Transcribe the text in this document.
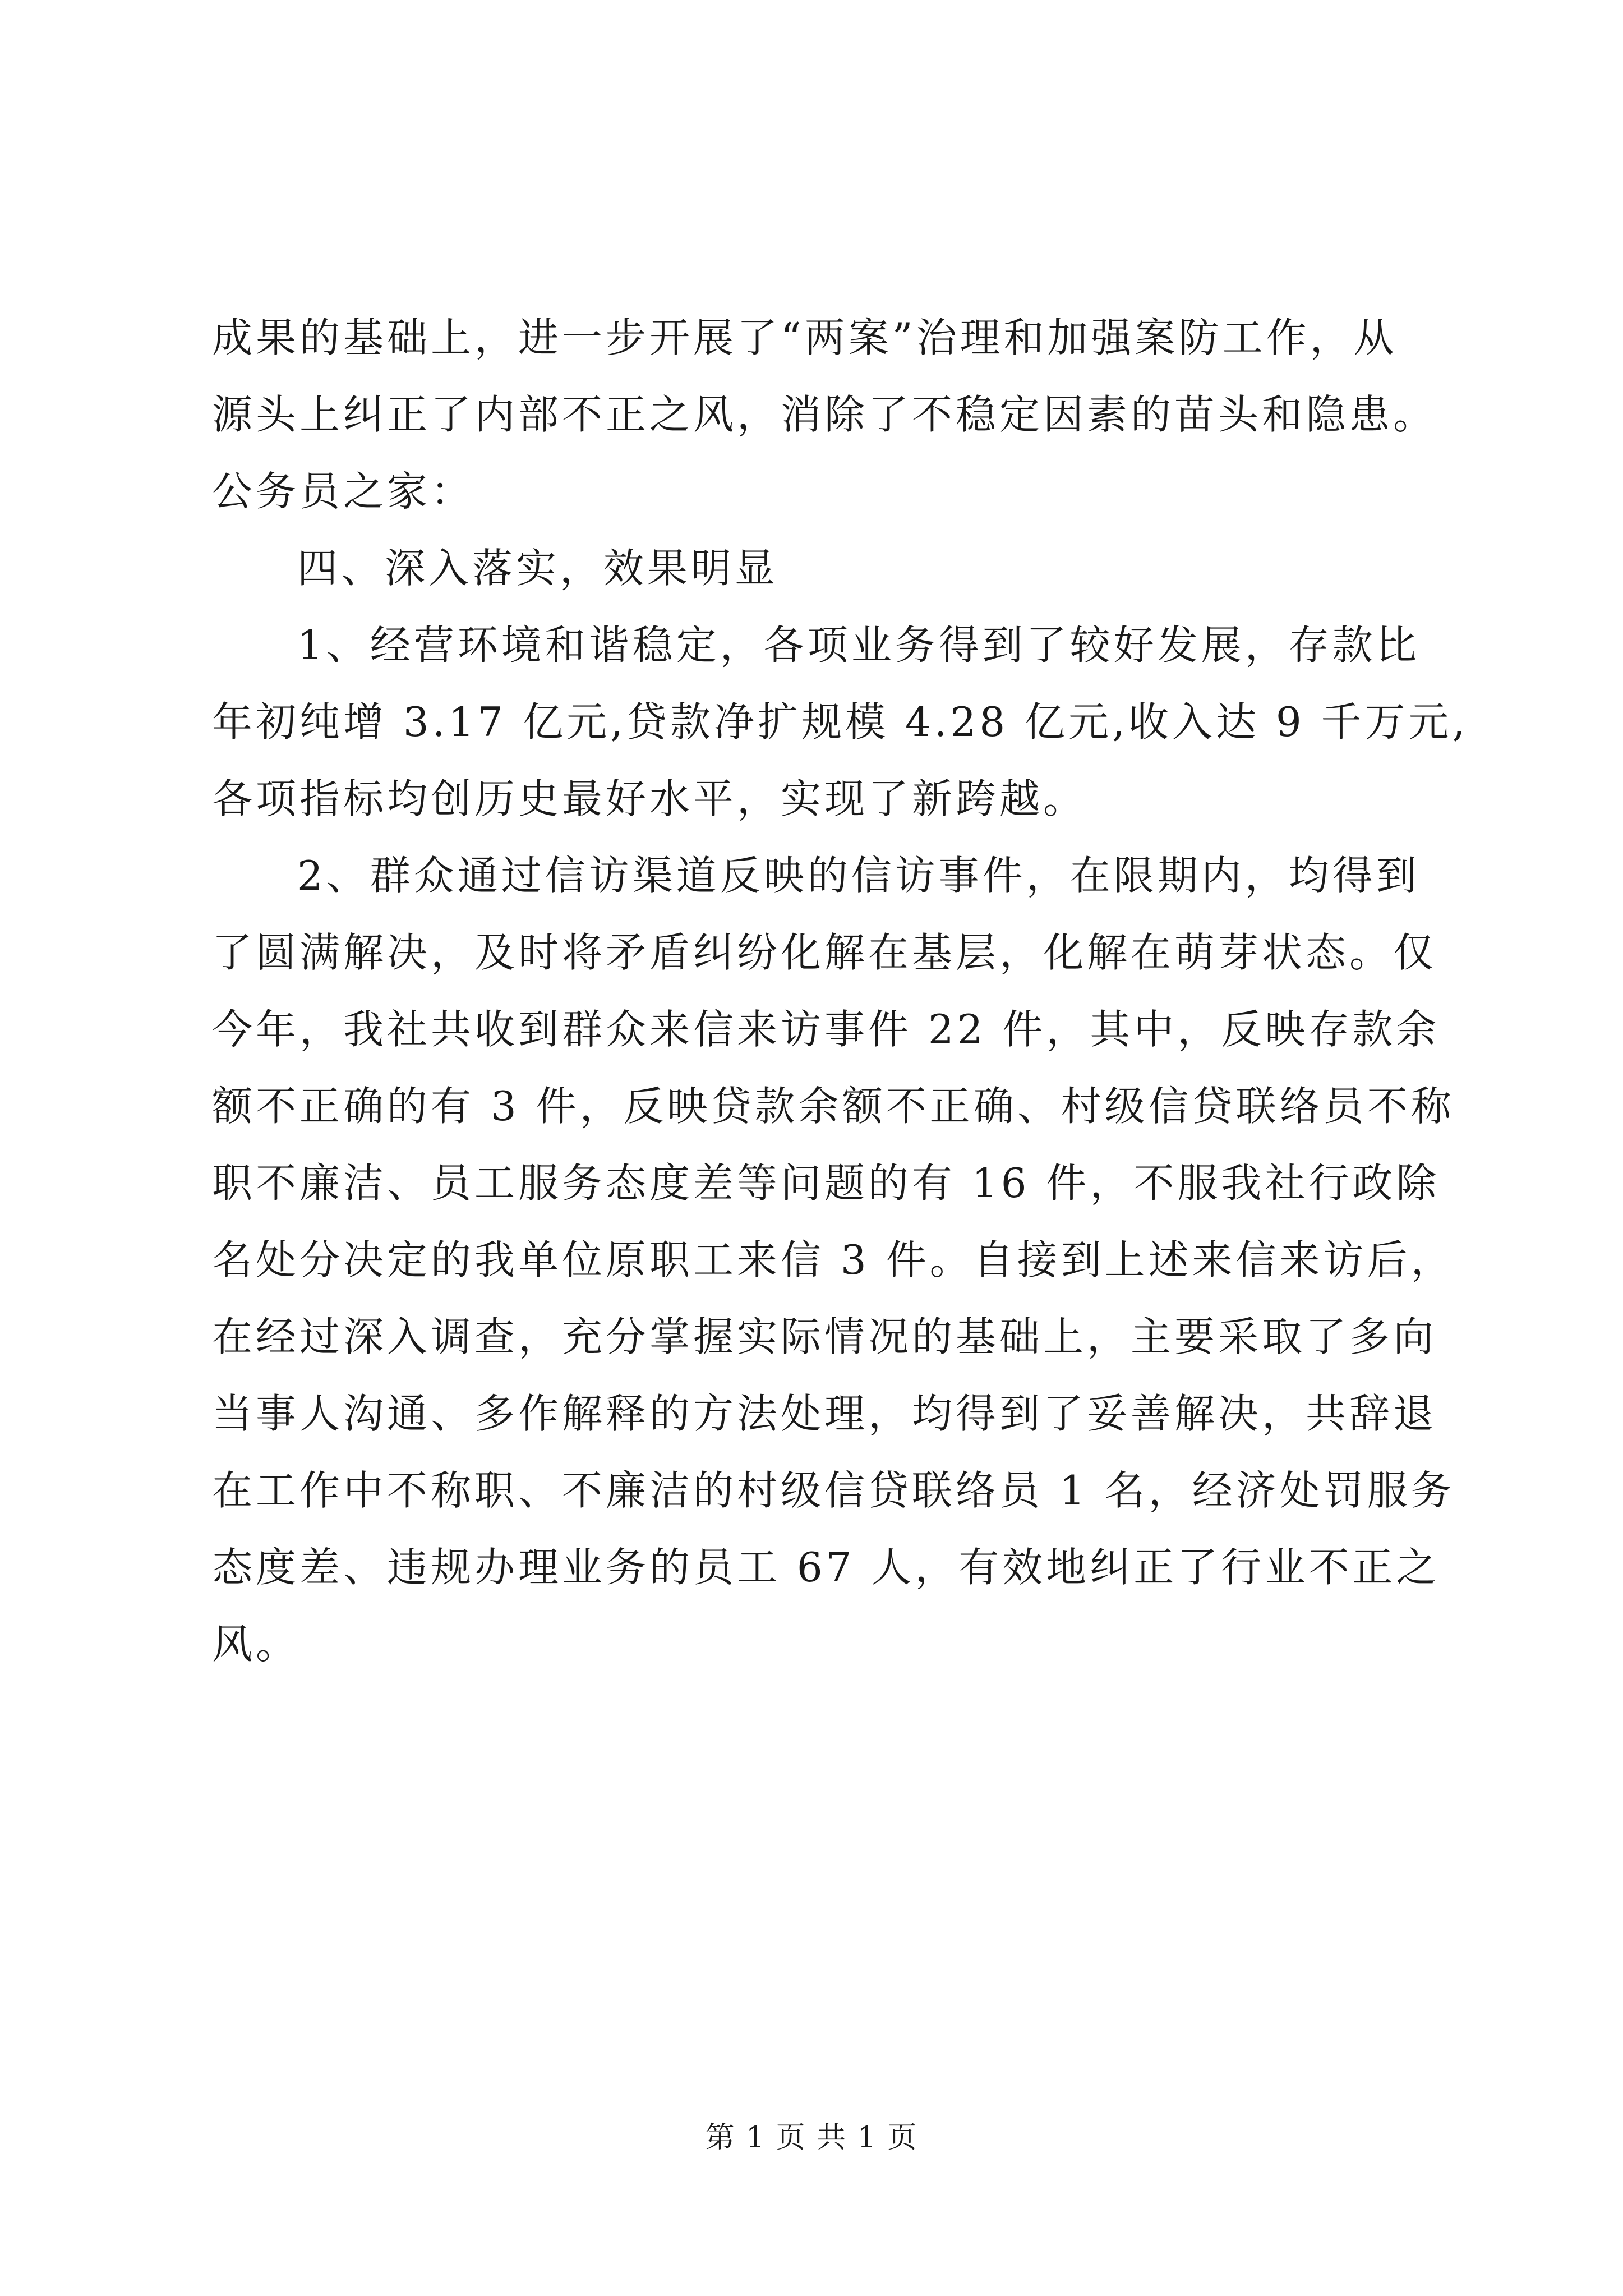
成果的基础上，进一步开展了“两案”治理和加强案防工作，从
源头上纠正了内部不正之风，消除了不稳定因素的苗头和隐患。
公务员之家：
四、深入落实，效果明显
1、经营环境和谐稳定，各项业务得到了较好发展，存款比
年初纯增 3.17 亿元,贷款净扩规模 4.28 亿元,收入达 9 千万元,
各项指标均创历史最好水平，实现了新跨越。
2、群众通过信访渠道反映的信访事件，在限期内，均得到
了圆满解决，及时将矛盾纠纷化解在基层，化解在萌芽状态。仅
今年，我社共收到群众来信来访事件 22 件，其中，反映存款余
额不正确的有 3 件，反映贷款余额不正确、村级信贷联络员不称
职不廉洁、员工服务态度差等问题的有 16 件，不服我社行政除
名处分决定的我单位原职工来信 3 件。自接到上述来信来访后，
在经过深入调查，充分掌握实际情况的基础上，主要采取了多向
当事人沟通、多作解释的方法处理，均得到了妥善解决，共辞退
在工作中不称职、不廉洁的村级信贷联络员 1 名，经济处罚服务
态度差、违规办理业务的员工 67 人，有效地纠正了行业不正之
风。
第 1 页 共 1 页
